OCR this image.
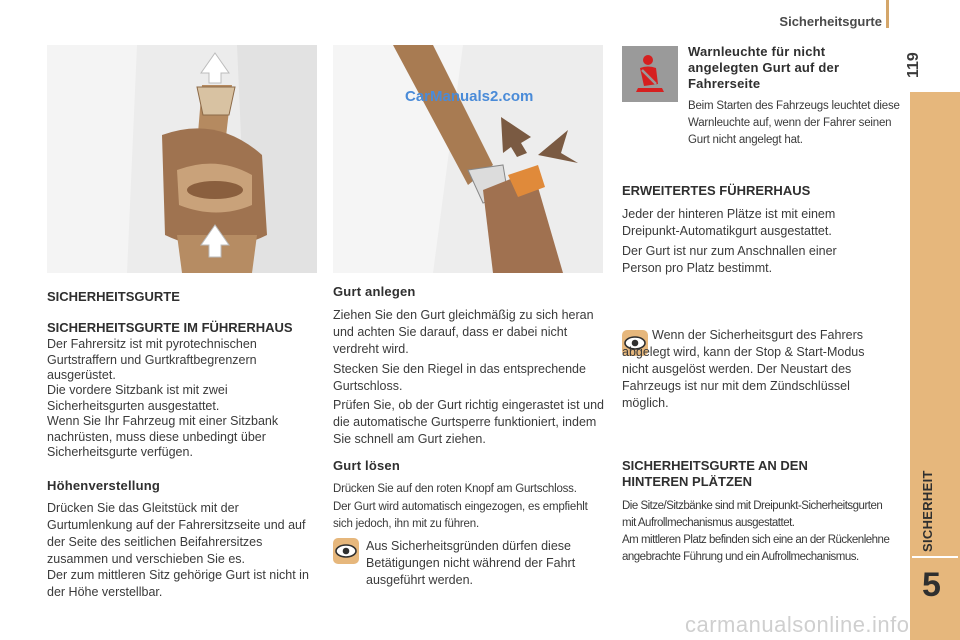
Sicherheitsgurte
119
SICHERHEIT
5
CarManuals2.com
SICHERHEITSGURTE
SICHERHEITSGURTE IM FÜHRERHAUS

Der Fahrersitz ist mit pyrotechnischen Gurtstraffern und Gurtkraftbegrenzern ausgerüstet.

Die vordere Sitzbank ist mit zwei Sicherheitsgurten ausgestattet.

Wenn Sie Ihr Fahrzeug mit einer Sitzbank nachrüsten, muss diese unbedingt über Sicherheitsgurte verfügen.

Höhenverstellung

Drücken Sie das Gleitstück mit der Gurtumlenkung auf der Fahrersitzseite und auf der Seite des seitlichen Beifahrersitzes zusammen und verschieben Sie es.

Der zum mittleren Sitz gehörige Gurt ist nicht in der Höhe verstellbar.

Gurt anlegen

Ziehen Sie den Gurt gleichmäßig zu sich heran und achten Sie darauf, dass er dabei nicht verdreht wird.

Stecken Sie den Riegel in das entsprechende Gurtschloss.

Prüfen Sie, ob der Gurt richtig eingerastet ist und die automatische Gurtsperre funktioniert, indem Sie schnell am Gurt ziehen.

Gurt lösen

Drücken Sie auf den roten Knopf am Gurtschloss.

Der Gurt wird automatisch eingezogen, es empfiehlt sich jedoch, ihn mit zu führen.

Aus Sicherheitsgründen dürfen diese Betätigungen nicht während der Fahrt ausgeführt werden.

Warnleuchte für nicht angelegten Gurt auf der Fahrerseite

Beim Starten des Fahrzeugs leuchtet diese Warnleuchte auf, wenn der Fahrer seinen Gurt nicht angelegt hat.

ERWEITERTES FÜHRERHAUS

Jeder der hinteren Plätze ist mit einem Dreipunkt-Automatikgurt ausgestattet.

Der Gurt ist nur zum Anschnallen einer Person pro Platz bestimmt.

Wenn der Sicherheitsgurt des Fahrers abgelegt wird, kann der Stop & Start-Modus nicht ausgelöst werden. Der Neustart des Fahrzeugs ist nur mit dem Zündschlüssel möglich.

SICHERHEITSGURTE AN DEN HINTEREN PLÄTZEN

Die Sitze/Sitzbänke sind mit Dreipunkt-Sicherheitsgurten mit Aufrollmechanismus ausgestattet.

Am mittleren Platz befinden sich eine an der Rückenlehne angebrachte Führung und ein Aufrollmechanismus.

carmanualsonline.info
